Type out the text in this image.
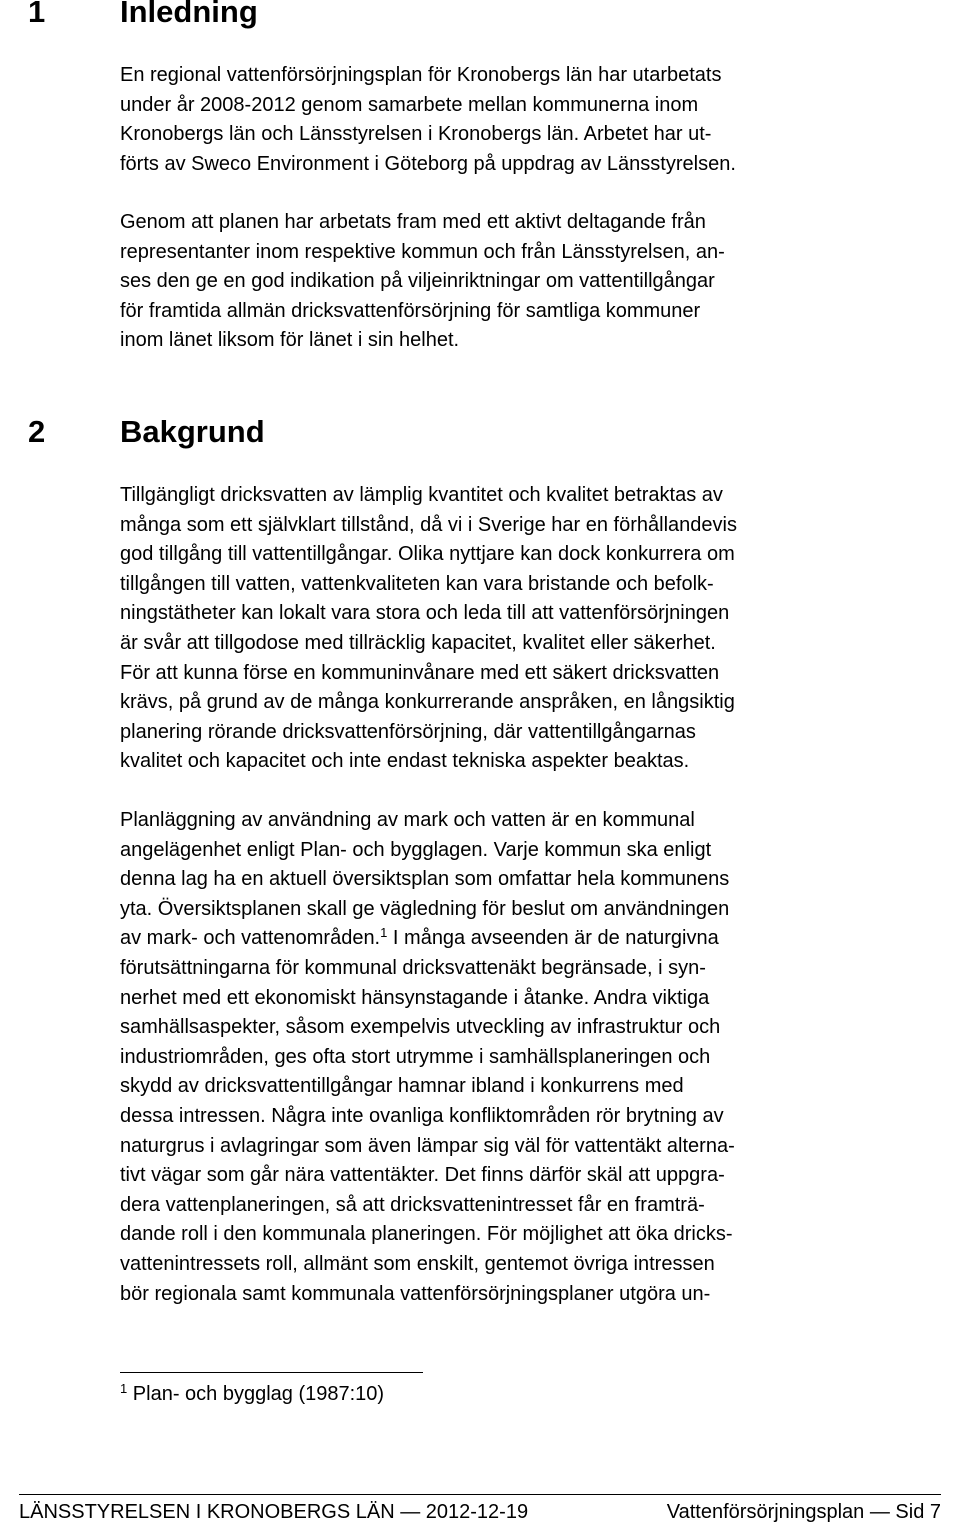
1 Inledning

En regional vattenförsörjningsplan för Kronobergs län har utarbetats
under år 2008-2012 genom samarbete mellan kommunerna inom
Kronobergs län och Länsstyrelsen i Kronobergs län. Arbetet har ut-
förts av Sweco Environment i Göteborg på uppdrag av Länsstyrelsen.

Genom att planen har arbetats fram med ett aktivt deltagande från
representanter inom respektive kommun och från Länsstyrelsen, an-
ses den ge en god indikation på viljeinriktningar om vattentillgångar
för framtida allmän dricksvattenförsörjning för samtliga kommuner
inom länet liksom för länet i sin helhet.

2 Bakgrund

Tillgängligt dricksvatten av lämplig kvantitet och kvalitet betraktas av
många som ett självklart tillstånd, då vi i Sverige har en förhållandevis
god tillgång till vattentillgångar. Olika nyttjare kan dock konkurrera om
tillgången till vatten, vattenkvaliteten kan vara bristande och befolk-
ningstätheter kan lokalt vara stora och leda till att vattenförsörjningen
är svår att tillgodose med tillräcklig kapacitet, kvalitet eller säkerhet.
För att kunna förse en kommuninvånare med ett säkert dricksvatten
krävs, på grund av de många konkurrerande anspråken, en långsiktig
planering rörande dricksvattenförsörjning, där vattentillgångarnas
kvalitet och kapacitet och inte endast tekniska aspekter beaktas.

Planläggning av användning av mark och vatten är en kommunal
angelägenhet enligt Plan- och bygglagen. Varje kommun ska enligt
denna lag ha en aktuell översiktsplan som omfattar hela kommunens
yta. Översiktsplanen skall ge vägledning för beslut om användningen
av mark- och vattenområden.$^1$ I många avseenden är de naturgivna
förutsättningarna för kommunal dricksvattenäkt begränsade, i syn-
nerhet med ett ekonomiskt hänsynstagande i åtanke. Andra viktiga
samhällsaspekter, såsom exempelvis utveckling av infrastruktur och
industriområden, ges ofta stort utrymme i samhällsplaneringen och
skydd av dricksvattentillgångar hamnar ibland i konkurrens med
dessa intressen. Några inte ovanliga konfliktområden rör brytning av
naturgrus i avlagringar som även lämpar sig väl för vattentäkt alterna-
tivt vägar som går nära vattentäkter. Det finns därför skäl att uppgra-
dera vattenplaneringen, så att dricksvattenintresset får en framträ-
dande roll i den kommunala planeringen. För möjlighet att öka dricks-
vattenintressets roll, allmänt som enskilt, gentemot övriga intressen
bör regionala samt kommunala vattenförsörjningsplaner utgöra un-

$^1$ Plan- och bygglag (1987:10)

LÄNSSTYRELSEN I KRONOBERGS LÄN — 2012-12-19	Vattenförsörjningsplan — Sid 7
